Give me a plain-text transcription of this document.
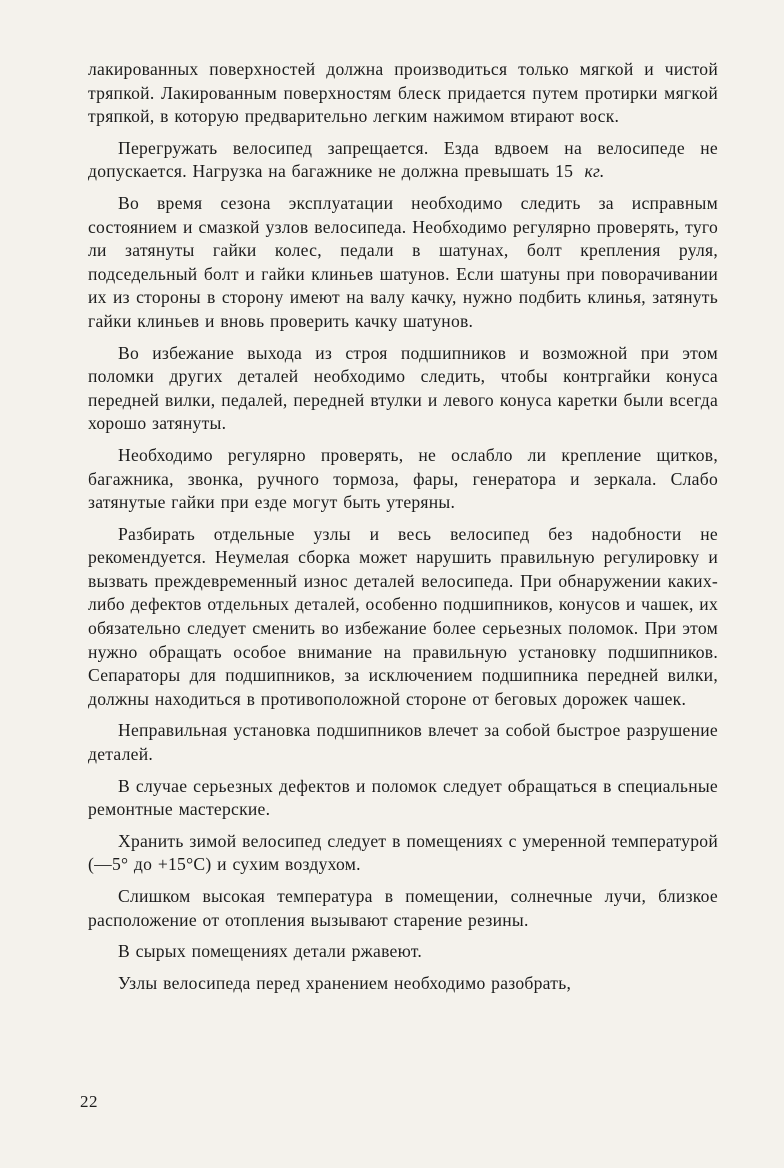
лакированных поверхностей должна производиться только мягкой и чистой тряпкой. Лакированным поверхностям блеск придается путем протирки мягкой тряпкой, в которую предварительно легким нажимом втирают воск.

Перегружать велосипед запрещается. Езда вдвоем на велосипеде не допускается. Нагрузка на багажнике не должна превышать 15 кг.

Во время сезона эксплуатации необходимо следить за исправным состоянием и смазкой узлов велосипеда. Необходимо регулярно проверять, туго ли затянуты гайки колес, педали в шатунах, болт крепления руля, подседельный болт и гайки клиньев шатунов. Если шатуны при поворачивании их из стороны в сторону имеют на валу качку, нужно подбить клинья, затянуть гайки клиньев и вновь проверить качку шатунов.

Во избежание выхода из строя подшипников и возможной при этом поломки других деталей необходимо следить, чтобы контргайки конуса передней вилки, педалей, передней втулки и левого конуса каретки были всегда хорошо затянуты.

Необходимо регулярно проверять, не ослабло ли крепление щитков, багажника, звонка, ручного тормоза, фары, генератора и зеркала. Слабо затянутые гайки при езде могут быть утеряны.

Разбирать отдельные узлы и весь велосипед без надобности не рекомендуется. Неумелая сборка может нарушить правильную регулировку и вызвать преждевременный износ деталей велосипеда. При обнаружении каких-либо дефектов отдельных деталей, особенно подшипников, конусов и чашек, их обязательно следует сменить во избежание более серьезных поломок. При этом нужно обращать особое внимание на правильную установку подшипников. Сепараторы для подшипников, за исключением подшипника передней вилки, должны находиться в противоположной стороне от беговых дорожек чашек.

Неправильная установка подшипников влечет за собой быстрое разрушение деталей.

В случае серьезных дефектов и поломок следует обращаться в специальные ремонтные мастерские.

Хранить зимой велосипед следует в помещениях с умеренной температурой (—5° до +15°С) и сухим воздухом.

Слишком высокая температура в помещении, солнечные лучи, близкое расположение от отопления вызывают старение резины.

В сырых помещениях детали ржавеют.

Узлы велосипеда перед хранением необходимо разобрать,

22
